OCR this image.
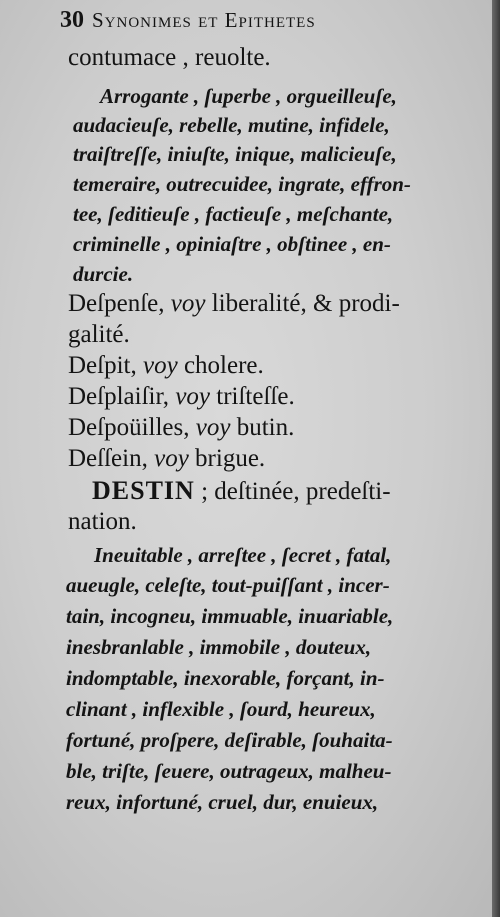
30 Synonimes et Epithetes
contumace , reuolte.
Arrogante , ſuperbe , orgueilleuſe,
audacieuſe, rebelle, mutine, infidele,
traiſtreſſe, iniuſte, inique, malicieuſe,
temeraire, outrecuidee, ingrate, effron-
tee, ſeditieuſe , factieuſe , meſchante,
criminelle , opiniaſtre , obſtinee , en-
durcie.
Deſpenſe, voy liberalité, & prodi-
galité.
Deſpit, voy cholere.
Deſplaiſir, voy triſteſſe.
Deſpoüilles, voy butin.
Deſſein, voy brigue.
DESTIN ; deſtinée, predeſti-
nation.
Ineuitable , arreſtee , ſecret , fatal,
aueugle, celeſte, tout-puiſſant , incer-
tain, incogneu, immuable, inuariable,
inesbranlable , immobile , douteux,
indomptable, inexorable, forçant, in-
clinant , inflexible , ſourd, heureux,
fortuné, proſpere, deſirable, ſouhaita-
ble, triſte, ſeuere, outrageux, malheu-
reux, infortuné, cruel, dur, enuieux,
